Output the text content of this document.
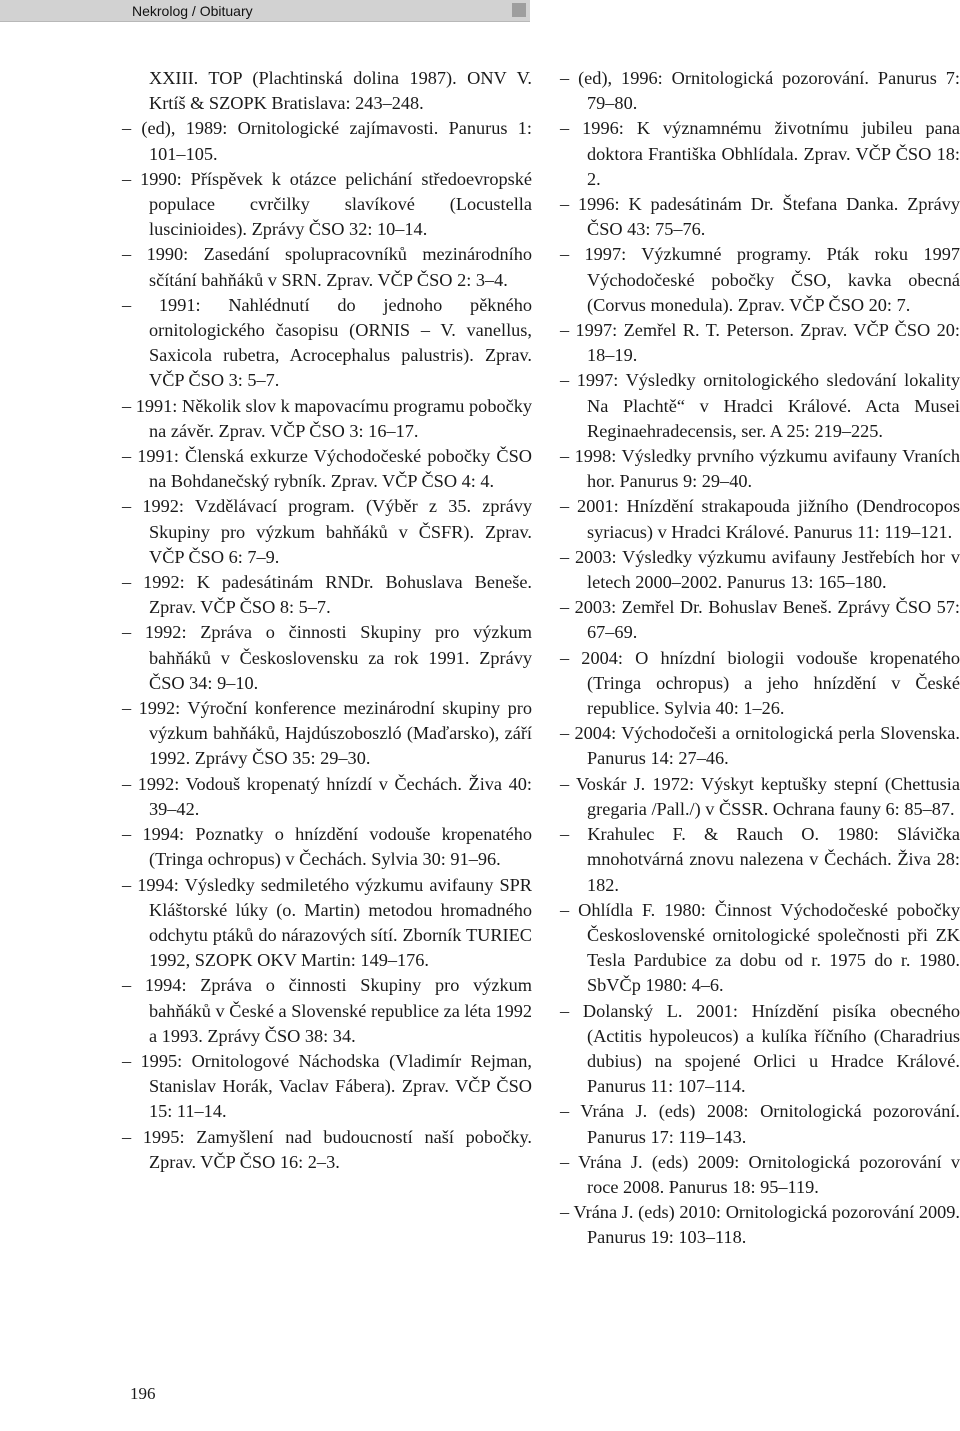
Nekrolog / Obituary
XXIII. TOP (Plachtinská dolina 1987). ONV V. Krtíš & SZOPK Bratislava: 243–248.
– (ed), 1989: Ornitologické zajímavosti. Panurus 1: 101–105.
– 1990: Příspěvek k otázce pelichání středoevropské populace cvrčilky slavíkové (Locustella luscinioides). Zprávy ČSO 32: 10–14.
– 1990: Zasedání spolupracovníků mezinárodního sčítání bahňáků v SRN. Zprav. VČP ČSO 2: 3–4.
– 1991: Nahlédnutí do jednoho pěkného ornitologického časopisu (ORNIS – V. vanellus, Saxicola rubetra, Acrocephalus palustris). Zprav. VČP ČSO 3: 5–7.
– 1991: Několik slov k mapovacímu programu pobočky na závěr. Zprav. VČP ČSO 3: 16–17.
– 1991: Členská exkurze Východočeské pobočky ČSO na Bohdanečský rybník. Zprav. VČP ČSO 4: 4.
– 1992: Vzdělávací program. (Výběr z 35. zprávy Skupiny pro výzkum bahňáků v ČSFR). Zprav. VČP ČSO 6: 7–9.
– 1992: K padesátinám RNDr. Bohuslava Beneše. Zprav. VČP ČSO 8: 5–7.
– 1992: Zpráva o činnosti Skupiny pro výzkum bahňáků v Československu za rok 1991. Zprávy ČSO 34: 9–10.
– 1992: Výroční konference mezinárodní skupiny pro výzkum bahňáků, Hajdúszoboszló (Maďarsko), září 1992. Zprávy ČSO 35: 29–30.
– 1992: Vodouš kropenatý hnízdí v Čechách. Živa 40: 39–42.
– 1994: Poznatky o hnízdění vodouše kropenatého (Tringa ochropus) v Čechách. Sylvia 30: 91–96.
– 1994: Výsledky sedmiletého výzkumu avifauny SPR Kláštorské lúky (o. Martin) metodou hromadného odchytu ptáků do nárazových sítí. Zborník TURIEC 1992, SZOPK OKV Martin: 149–176.
– 1994: Zpráva o činnosti Skupiny pro výzkum bahňáků v České a Slovenské republice za léta 1992 a 1993. Zprávy ČSO 38: 34.
– 1995: Ornitologové Náchodska (Vladimír Rejman, Stanislav Horák, Vaclav Fábera). Zprav. VČP ČSO 15: 11–14.
– 1995: Zamyšlení nad budoucností naší pobočky. Zprav. VČP ČSO 16: 2–3.
– (ed), 1996: Ornitologická pozorování. Panurus 7: 79–80.
– 1996: K významnému životnímu jubileu pana doktora Františka Obhlídala. Zprav. VČP ČSO 18: 2.
– 1996: K padesátinám Dr. Štefana Danka. Zprávy ČSO 43: 75–76.
– 1997: Výzkumné programy. Pták roku 1997 Východočeské pobočky ČSO, kavka obecná (Corvus monedula). Zprav. VČP ČSO 20: 7.
– 1997: Zemřel R. T. Peterson. Zprav. VČP ČSO 20: 18–19.
– 1997: Výsledky ornitologického sledování lokality Na Plachtě“ v Hradci Králové. Acta Musei Reginaehradecensis, ser. A 25: 219–225.
– 1998: Výsledky prvního výzkumu avifauny Vraních hor. Panurus 9: 29–40.
– 2001: Hnízdění strakapouda jižního (Dendrocopos syriacus) v Hradci Králové. Panurus 11: 119–121.
– 2003: Výsledky výzkumu avifauny Jestřebích hor v letech 2000–2002. Panurus 13: 165–180.
– 2003: Zemřel Dr. Bohuslav Beneš. Zprávy ČSO 57: 67–69.
– 2004: O hnízdní biologii vodouše kropenatého (Tringa ochropus) a jeho hnízdění v České republice. Sylvia 40: 1–26.
– 2004: Východočeši a ornitologická perla Slovenska. Panurus 14: 27–46.
– Voskár J. 1972: Výskyt keptušky stepní (Chettusia gregaria /Pall./) v ČSSR. Ochrana fauny 6: 85–87.
– Krahulec F. & Rauch O. 1980: Slávička mnohotvárná znovu nalezena v Čechách. Živa 28: 182.
– Ohlídla F. 1980: Činnost Východočeské pobočky Československé ornitologické společnosti při ZK Tesla Pardubice za dobu od r. 1975 do r. 1980. SbVČp 1980: 4–6.
– Dolanský L. 2001: Hnízdění pisíka obecného (Actitis hypoleucos) a kulíka říčního (Charadrius dubius) na spojené Orlici u Hradce Králové. Panurus 11: 107–114.
– Vrána J. (eds) 2008: Ornitologická pozorování. Panurus 17: 119–143.
– Vrána J. (eds) 2009: Ornitologická pozorování v roce 2008. Panurus 18: 95–119.
– Vrána J. (eds) 2010: Ornitologická pozorování 2009. Panurus 19: 103–118.
196
